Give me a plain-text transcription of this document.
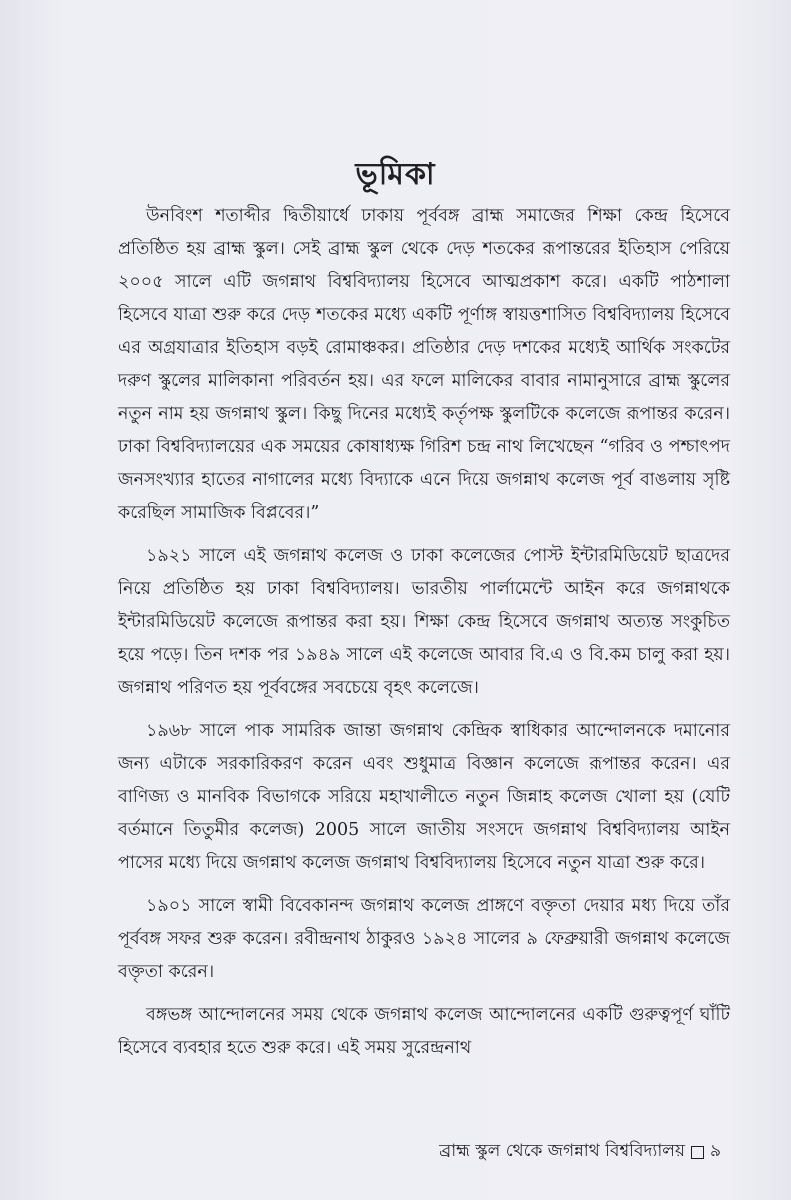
ভূমিকা

উনবিংশ শতাব্দীর দ্বিতীয়ার্ধে ঢাকায় পূর্ববঙ্গ ব্রাহ্ম সমাজের শিক্ষা কেন্দ্র হিসেবে প্রতিষ্ঠিত হয় ব্রাহ্ম স্কুল। সেই ব্রাহ্ম স্কুল থেকে দেড় শতকের রূপান্তরের ইতিহাস পেরিয়ে ২০০৫ সালে এটি জগন্নাথ বিশ্ববিদ্যালয় হিসেবে আত্মপ্রকাশ করে। একটি পাঠশালা হিসেবে যাত্রা শুরু করে দেড় শতকের মধ্যে একটি পূর্ণাঙ্গ স্বায়ত্তশাসিত বিশ্ববিদ্যালয় হিসেবে এর অগ্রযাত্রার ইতিহাস বড়ই রোমাঞ্চকর। প্রতিষ্ঠার দেড় দশকের মধ্যেই আর্থিক সংকটের দরুণ স্কুলের মালিকানা পরিবর্তন হয়। এর ফলে মালিকের বাবার নামানুসারে ব্রাহ্ম স্কুলের নতুন নাম হয় জগন্নাথ স্কুল। কিছু দিনের মধ্যেই কর্তৃপক্ষ স্কুলটিকে কলেজে রূপান্তর করেন। ঢাকা বিশ্ববিদ্যালয়ের এক সময়ের কোষাধ্যক্ষ গিরিশ চন্দ্র নাথ লিখেছেন “গরিব ও পশ্চাৎপদ জনসংখ্যার হাতের নাগালের মধ্যে বিদ্যাকে এনে দিয়ে জগন্নাথ কলেজ পূর্ব বাঙলায় সৃষ্টি করেছিল সামাজিক বিপ্লবের।”

১৯২১ সালে এই জগন্নাথ কলেজ ও ঢাকা কলেজের পোস্ট ইন্টারমিডিয়েট ছাত্রদের নিয়ে প্রতিষ্ঠিত হয় ঢাকা বিশ্ববিদ্যালয়। ভারতীয় পার্লামেন্টে আইন করে জগন্নাথকে ইন্টারমিডিয়েট কলেজে রূপান্তর করা হয়। শিক্ষা কেন্দ্র হিসেবে জগন্নাথ অত্যন্ত সংকুচিত হয়ে পড়ে। তিন দশক পর ১৯৪৯ সালে এই কলেজে আবার বি.এ ও বি.কম চালু করা হয়। জগন্নাথ পরিণত হয় পূর্ববঙ্গের সবচেয়ে বৃহৎ কলেজে।

১৯৬৮ সালে পাক সামরিক জান্তা জগন্নাথ কেন্দ্রিক স্বাধিকার আন্দোলনকে দমানোর জন্য এটাকে সরকারিকরণ করেন এবং শুধুমাত্র বিজ্ঞান কলেজে রূপান্তর করেন। এর বাণিজ্য ও মানবিক বিভাগকে সরিয়ে মহাখালীতে নতুন জিন্নাহ কলেজ খোলা হয় (যেটি বর্তমানে তিতুমীর কলেজ) 2005 সালে জাতীয় সংসদে জগন্নাথ বিশ্ববিদ্যালয় আইন পাসের মধ্যে দিয়ে জগন্নাথ কলেজ জগন্নাথ বিশ্ববিদ্যালয় হিসেবে নতুন যাত্রা শুরু করে।

১৯০১ সালে স্বামী বিবেকানন্দ জগন্নাথ কলেজ প্রাঙ্গণে বক্তৃতা দেয়ার মধ্য দিয়ে তাঁর পূর্ববঙ্গ সফর শুরু করেন। রবীন্দ্রনাথ ঠাকুরও ১৯২৪ সালের ৯ ফেব্রুয়ারী জগন্নাথ কলেজে বক্তৃতা করেন।

বঙ্গভঙ্গ আন্দোলনের সময় থেকে জগন্নাথ কলেজ আন্দোলনের একটি গুরুত্বপূর্ণ ঘাঁটি হিসেবে ব্যবহার হতে শুরু করে। এই সময় সুরেন্দ্রনাথ

ব্রাহ্ম স্কুল থেকে জগন্নাথ বিশ্ববিদ্যালয় ৯
